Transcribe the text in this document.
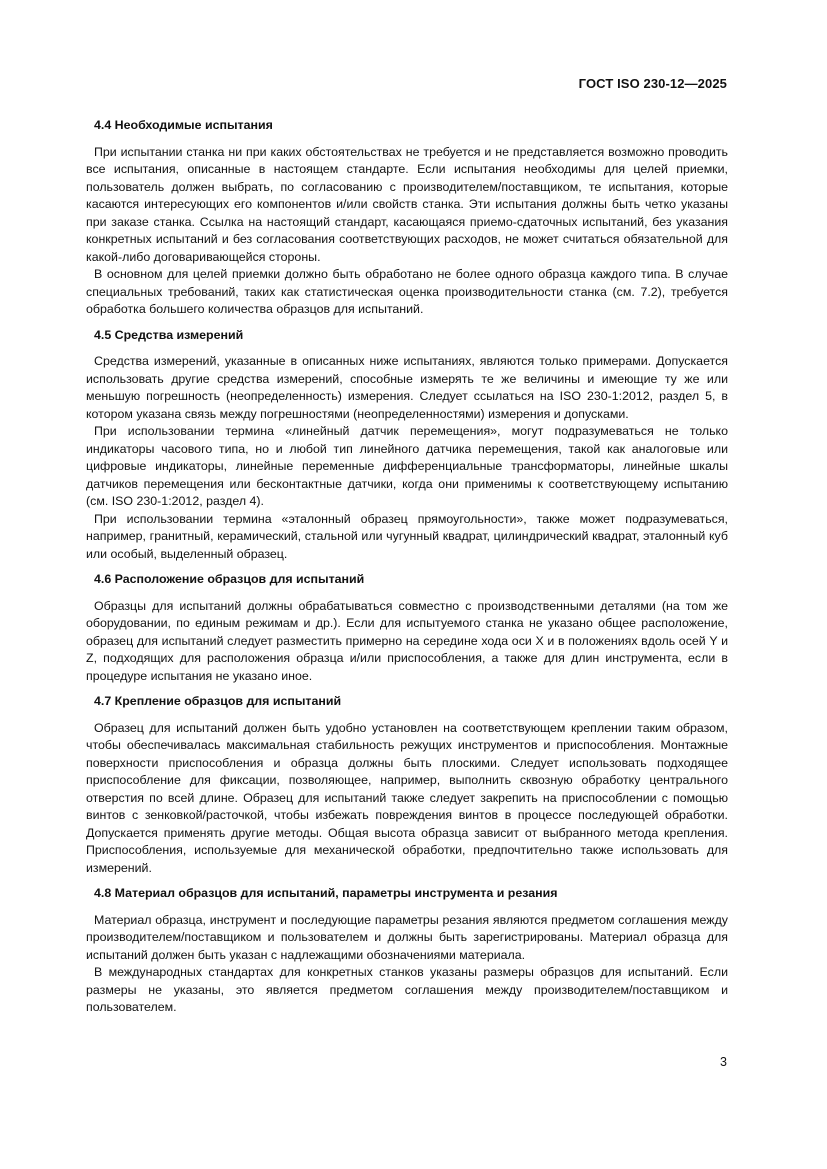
ГОСТ ISO 230-12—2025
4.4 Необходимые испытания

При испытании станка ни при каких обстоятельствах не требуется и не представляется возможно проводить все испытания, описанные в настоящем стандарте. Если испытания необходимы для целей приемки, пользователь должен выбрать, по согласованию с производителем/поставщиком, те испытания, которые касаются интересующих его компонентов и/или свойств станка. Эти испытания должны быть четко указаны при заказе станка. Ссылка на настоящий стандарт, касающаяся приемо-сдаточных испытаний, без указания конкретных испытаний и без согласования соответствующих расходов, не может считаться обязательной для какой-либо договаривающейся стороны.

В основном для целей приемки должно быть обработано не более одного образца каждого типа. В случае специальных требований, таких как статистическая оценка производительности станка (см. 7.2), требуется обработка большего количества образцов для испытаний.

4.5 Средства измерений

Средства измерений, указанные в описанных ниже испытаниях, являются только примерами. Допускается использовать другие средства измерений, способные измерять те же величины и имеющие ту же или меньшую погрешность (неопределенность) измерения. Следует ссылаться на ISO 230-1:2012, раздел 5, в котором указана связь между погрешностями (неопределенностями) измерения и допусками.

При использовании термина «линейный датчик перемещения», могут подразумеваться не только индикаторы часового типа, но и любой тип линейного датчика перемещения, такой как аналоговые или цифровые индикаторы, линейные переменные дифференциальные трансформаторы, линейные шкалы датчиков перемещения или бесконтактные датчики, когда они применимы к соответствующему испытанию (см. ISO 230-1:2012, раздел 4).

При использовании термина «эталонный образец прямоугольности», также может подразумеваться, например, гранитный, керамический, стальной или чугунный квадрат, цилиндрический квадрат, эталонный куб или особый, выделенный образец.

4.6 Расположение образцов для испытаний

Образцы для испытаний должны обрабатываться совместно с производственными деталями (на том же оборудовании, по единым режимам и др.). Если для испытуемого станка не указано общее расположение, образец для испытаний следует разместить примерно на середине хода оси X и в положениях вдоль осей Y и Z, подходящих для расположения образца и/или приспособления, а также для длин инструмента, если в процедуре испытания не указано иное.

4.7 Крепление образцов для испытаний

Образец для испытаний должен быть удобно установлен на соответствующем креплении таким образом, чтобы обеспечивалась максимальная стабильность режущих инструментов и приспособления. Монтажные поверхности приспособления и образца должны быть плоскими. Следует использовать подходящее приспособление для фиксации, позволяющее, например, выполнить сквозную обработку центрального отверстия по всей длине. Образец для испытаний также следует закрепить на приспособлении с помощью винтов с зенковкой/расточкой, чтобы избежать повреждения винтов в процессе последующей обработки. Допускается применять другие методы. Общая высота образца зависит от выбранного метода крепления. Приспособления, используемые для механической обработки, предпочтительно также использовать для измерений.

4.8 Материал образцов для испытаний, параметры инструмента и резания

Материал образца, инструмент и последующие параметры резания являются предметом соглашения между производителем/поставщиком и пользователем и должны быть зарегистрированы. Материал образца для испытаний должен быть указан с надлежащими обозначениями материала.

В международных стандартах для конкретных станков указаны размеры образцов для испытаний. Если размеры не указаны, это является предметом соглашения между производителем/поставщиком и пользователем.

3
